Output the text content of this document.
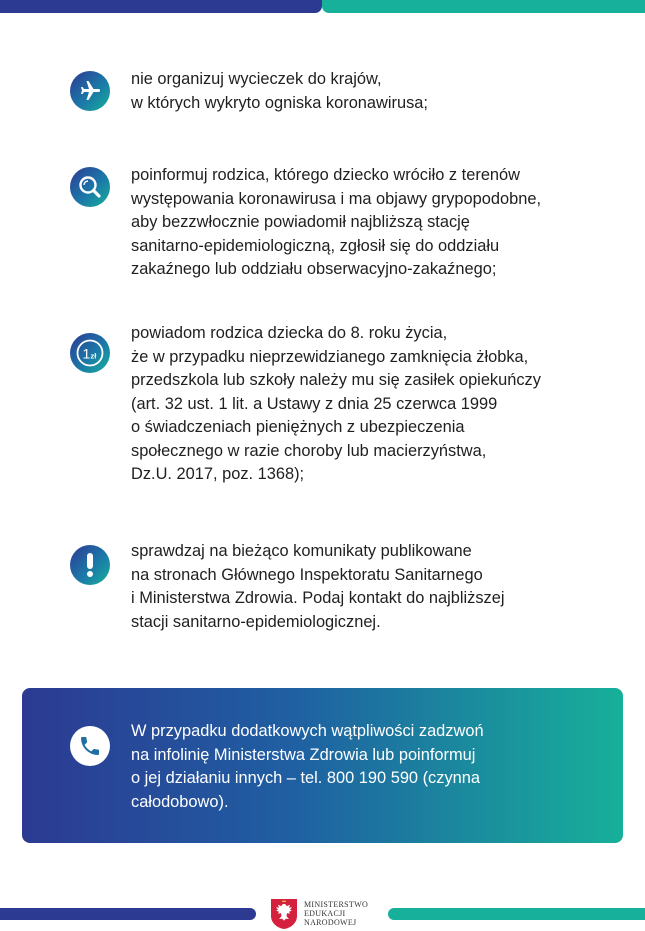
nie organizuj wycieczek do krajów,
w których wykryto ogniska koronawirusa;
poinformuj rodzica, którego dziecko wróciło z terenów
występowania koronawirusa i ma objawy grypopodobne,
aby bezzwłocznie powiadomił najbliższą stację
sanitarno-epidemiologiczną, zgłosił się do oddziału
zakaźnego lub oddziału obserwacyjno-zakaźnego;
1 zł
powiadom rodzica dziecka do 8. roku życia,
że w przypadku nieprzewidzianego zamknięcia żłobka,
przedszkola lub szkoły należy mu się zasiłek opiekuńczy
(art. 32 ust. 1 lit. a Ustawy z dnia 25 czerwca 1999
o świadczeniach pieniężnych z ubezpieczenia
społecznego w razie choroby lub macierzyństwa,
Dz.U. 2017, poz. 1368);
sprawdzaj na bieżąco komunikaty publikowane
na stronach Głównego Inspektoratu Sanitarnego
i Ministerstwa Zdrowia. Podaj kontakt do najbliższej
stacji sanitarno-epidemiologicznej.
W przypadku dodatkowych wątpliwości zadzwoń
na infolinię Ministerstwa Zdrowia lub poinformuj
o jej działaniu innych – tel. 800 190 590 (czynna
całodobowo).
MINISTERSTWO
EDUKACJI
NARODOWEJ
